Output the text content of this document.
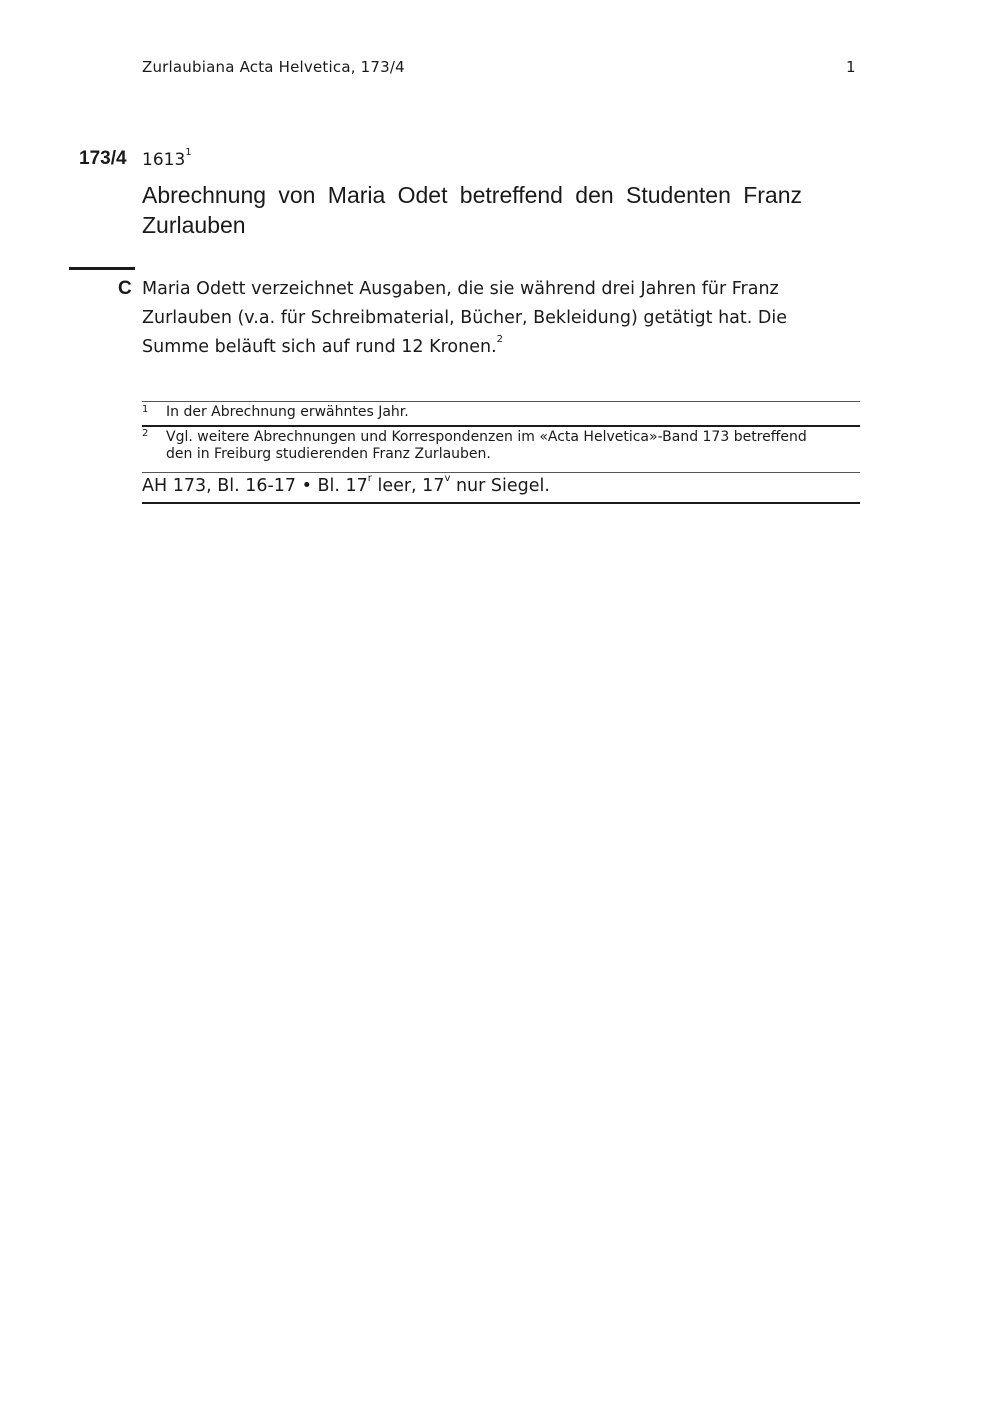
Zurlaubiana Acta Helvetica, 173/4	1
173/4 1613$^1$
Abrechnung von Maria Odet betreffend den Studenten Franz Zurlauben
C Maria Odett verzeichnet Ausgaben, die sie während drei Jahren für Franz Zurlauben (v.a. für Schreibmaterial, Bücher, Bekleidung) getätigt hat. Die Summe beläuft sich auf rund 12 Kronen.$^2$
1 In der Abrechnung erwähntes Jahr.
2 Vgl. weitere Abrechnungen und Korrespondenzen im «Acta Helvetica»-Band 173 betreffend den in Freiburg studierenden Franz Zurlauben.
AH 173, Bl. 16-17 • Bl. 17$^r$ leer, 17$^v$ nur Siegel.
